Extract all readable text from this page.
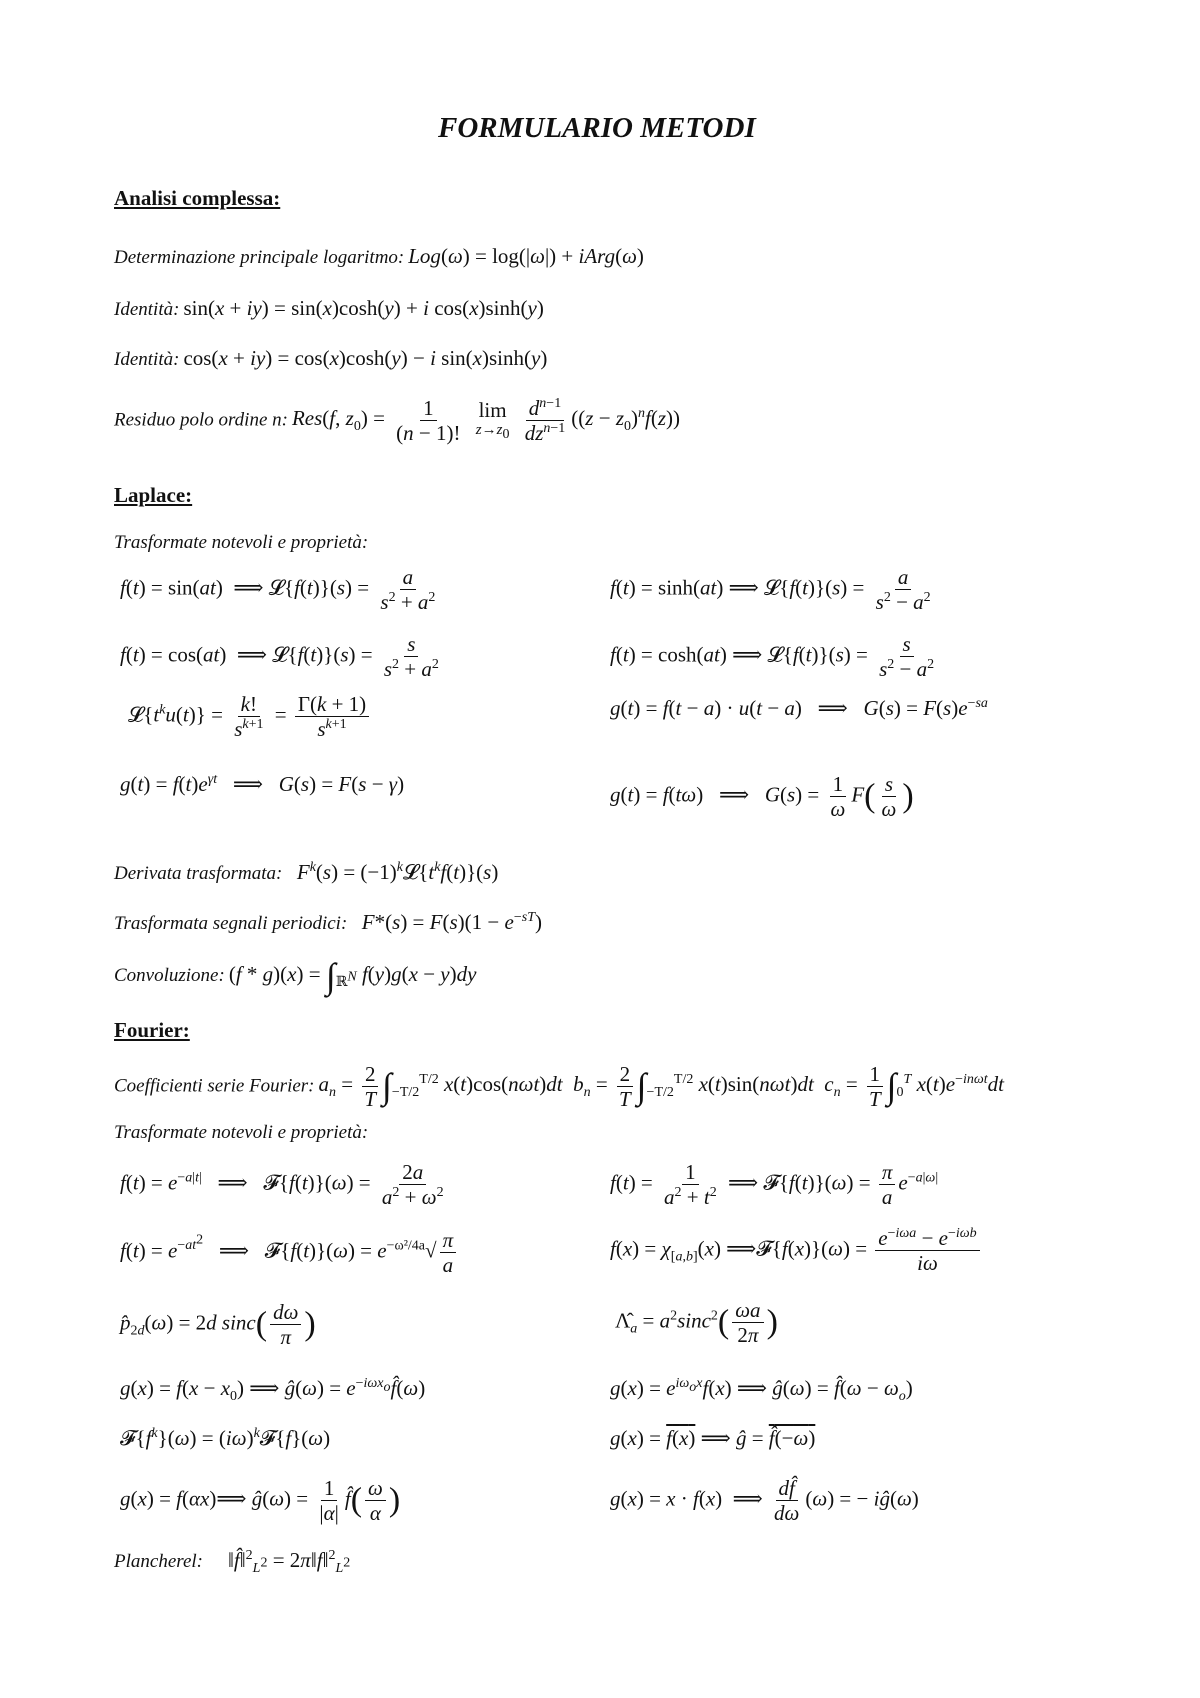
FORMULARIO METODI
Analisi complessa:
Determinazione principale logaritmo: Log(ω) = log(|ω|) + iArg(ω)
Identità: sin(x + iy) = sin(x)cosh(y) + i cos(x)sinh(y)
Identità: cos(x + iy) = cos(x)cosh(y) − i sin(x)sinh(y)
Residuo polo ordine n: Res(f, $z_0) = \frac{1}{(n - 1)!}$
lim
$z\to z_0$
$\frac{d^{n-1}}{dz^{n-1}} ((z - z_0)^nf(z))$
Laplace:
Trasformate notevoli e proprietà:
f(t) = sin(at)  ⟹ 𝓛{f(t)}(s) = $\frac{a}{s^2 + a^2}$	f(t) = sinh(at) ⟹ 𝓛{f(t)}(s) = $\frac{a}{s^2 - a^2}$
f(t) = cos(at)  ⟹ 𝓛{f(t)}(s) = $\frac{s}{s^2 + a^2}$	f(t) = cosh(at) ⟹ 𝓛{f(t)}(s) = $\frac{s}{s^2 - a^2}$
$𝓛\{t^ku(t)\} = \frac{k!}{s^{k+1}} = \frac{\Gamma(k + 1)}{s^{k+1}}$	g(t) = f(t − a) · u(t − a)   ⟹   $G(s) = F(s)e^{-sa}$
$g(t) = f(t)e^{\gamma t}$   ⟹   G(s) = F(s − γ)	g(t) = f(tω)   ⟹   $G(s) = \frac{1}{\omega} F( \frac{s}{\omega}$ )
Derivata trasformata: $F^k(s)$ = $(-1)^k𝓛\{t^kf(t)\}(s)$
Trasformata segnali periodici: $F*(s) = F(s)(1 - e^{-sT})$
Convoluzione: $(f * g)(x) = \int_{ℝ^N}$ f(y)g(x − y)dy
Fourier:
Coefficienti serie Fourier: $a_n = \frac{2}{T} \int_{-T/2}^{T/2}$ x(t)cos(nωt)dt $b_n = \frac{2}{T} \int_{-T/2}^{T/2}$ x(t)sin(nωt)dt $c_n = \frac{1}{T} \int_0^T$ $x(t)e^{-in\omega t}dt$
Trasformate notevoli e proprietà:
$f(t) = e^{-a|t|}$   ⟹   𝓕{f(t)}(ω) = $\frac{2a}{a^2 + \omega^2}$	$f(t) = \frac{1}{a^2 + t^2}$ ⟹ 𝓕{f(t)}(ω) = $\frac{\pi}{a} e^{-a|\omega|}$
$f(t) = e^{-at^2}$   ⟹   𝓕{f(t)}(ω) = $e^{-\omega^2/4a}√ \frac{\pi}{a}$	$f(x) = \chi_{[a,b]}(x)$ ⟹𝓕{f(x)}(ω) = $\frac{e^{-i\omega a} - e^{-i\omega b}}{i\omega}$
$p̂_{2d}(\omega) = 2d$ $\sin c( \frac{d\omega}{\pi}$ )	$\Lambdâ_a = a^2\sin c^2( \frac{\omega a}{2\pi}$ )
$g(x) = f(x - x_0)$ ⟹ ĝ(ω) = $e^{-i\omega x_o}f̂(\omega)$	$g(x) = e^{i\omega_ox}f(x)$ ⟹ ĝ(ω) = f̂(ω − $\omega_o$)
$𝓕\{f^k\}(\omega)$ = $(i\omega)^k𝓕\{f\}(\omega)$	g(x) = f(x) ⟹ ĝ = f̂(−ω)
g(x) = f(αx)⟹ ĝ(ω) = $\frac{1}{|\alpha|}$ f̂( $\frac{\omega}{\alpha}$ )	g(x) = x · f(x)  ⟹ $\frac{df̂}{d\omega} (\omega)$ = − iĝ(ω)
Plancherel:     ‖f̂‖$^2_{L^2}$ = 2π‖f‖$^2_{L^2}$
